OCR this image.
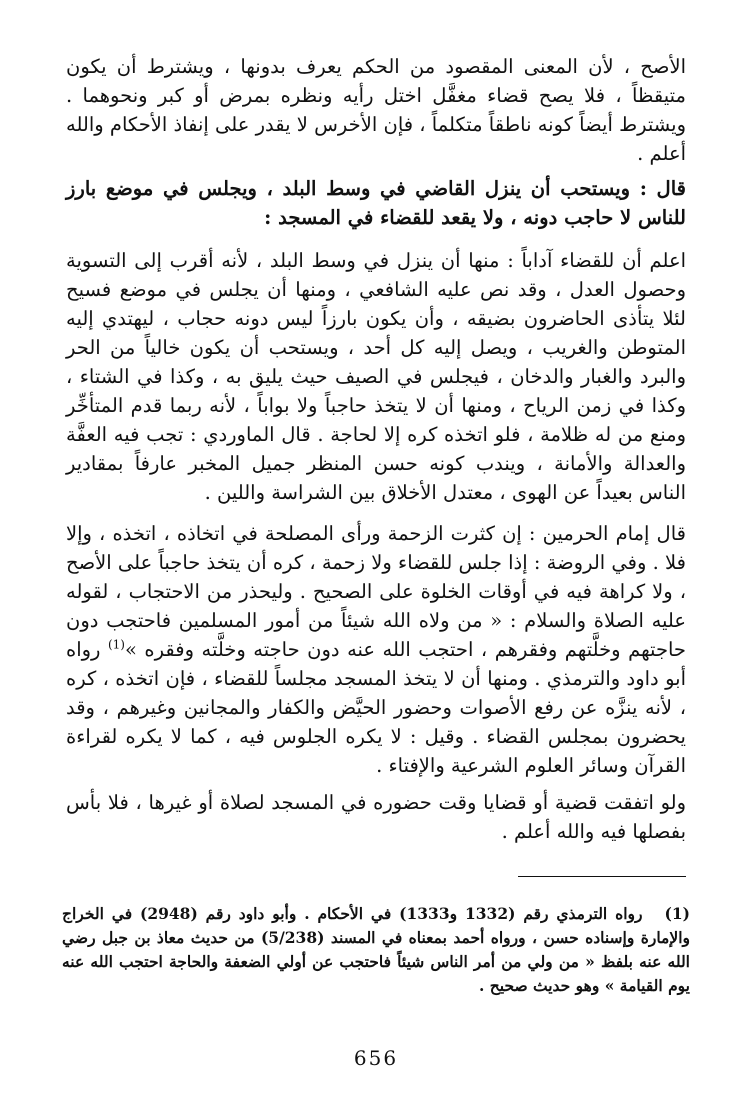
الأصح ، لأن المعنى المقصود من الحكم يعرف بدونها ، ويشترط أن يكون متيقظاً ، فلا يصح قضاء مغفَّل اختل رأيه ونظره بمرض أو كبر ونحوهما . ويشترط أيضاً كونه ناطقاً متكلماً ، فإن الأخرس لا يقدر على إنفاذ الأحكام والله أعلم .

قال : ويستحب أن ينزل القاضي في وسط البلد ، ويجلس في موضع بارز للناس لا حاجب دونه ، ولا يقعد للقضاء في المسجد :

اعلم أن للقضاء آداباً : منها أن ينزل في وسط البلد ، لأنه أقرب إلى التسوية وحصول العدل ، وقد نص عليه الشافعي ، ومنها أن يجلس في موضع فسيح لئلا يتأذى الحاضرون بضيقه ، وأن يكون بارزاً ليس دونه حجاب ، ليهتدي إليه المتوطن والغريب ، ويصل إليه كل أحد ، ويستحب أن يكون خالياً من الحر والبرد والغبار والدخان ، فيجلس في الصيف حيث يليق به ، وكذا في الشتاء ، وكذا في زمن الرياح ، ومنها أن لا يتخذ حاجباً ولا بواباً ، لأنه ربما قدم المتأخِّر ومنع من له ظلامة ، فلو اتخذه كره إلا لحاجة . قال الماوردي : تجب فيه العفَّة والعدالة والأمانة ، ويندب كونه حسن المنظر جميل المخبر عارفاً بمقادير الناس بعيداً عن الهوى ، معتدل الأخلاق بين الشراسة واللين .

قال إمام الحرمين : إن كثرت الزحمة ورأى المصلحة في اتخاذه ، اتخذه ، وإلا فلا . وفي الروضة : إذا جلس للقضاء ولا زحمة ، كره أن يتخذ حاجباً على الأصح ، ولا كراهة فيه في أوقات الخلوة على الصحيح . وليحذر من الاحتجاب ، لقوله عليه الصلاة والسلام : « من ولاه الله شيئاً من أمور المسلمين فاحتجب دون حاجتهم وخلَّتهم وفقرهم ، احتجب الله عنه دون حاجته وخلَّته وفقره »$^{(1)}$ رواه أبو داود والترمذي . ومنها أن لا يتخذ المسجد مجلساً للقضاء ، فإن اتخذه ، كره ، لأنه ينزَّه عن رفع الأصوات وحضور الحيَّض والكفار والمجانين وغيرهم ، وقد يحضرون بمجلس القضاء . وقيل : لا يكره الجلوس فيه ، كما لا يكره لقراءة القرآن وسائر العلوم الشرعية والإفتاء .

ولو اتفقت قضية أو قضايا وقت حضوره في المسجد لصلاة أو غيرها ، فلا بأس بفصلها فيه والله أعلم .

(1)رواه الترمذي رقم (1332 و1333) في الأحكام . وأبو داود رقم (2948) في الخراج والإمارة وإسناده حسن ، ورواه أحمد بمعناه في المسند (5/238) من حديث معاذ بن جبل رضي الله عنه بلفظ « من ولي من أمر الناس شيئاً فاحتجب عن أولي الضعفة والحاجة احتجب الله عنه يوم القيامة » وهو حديث صحيح .
656
